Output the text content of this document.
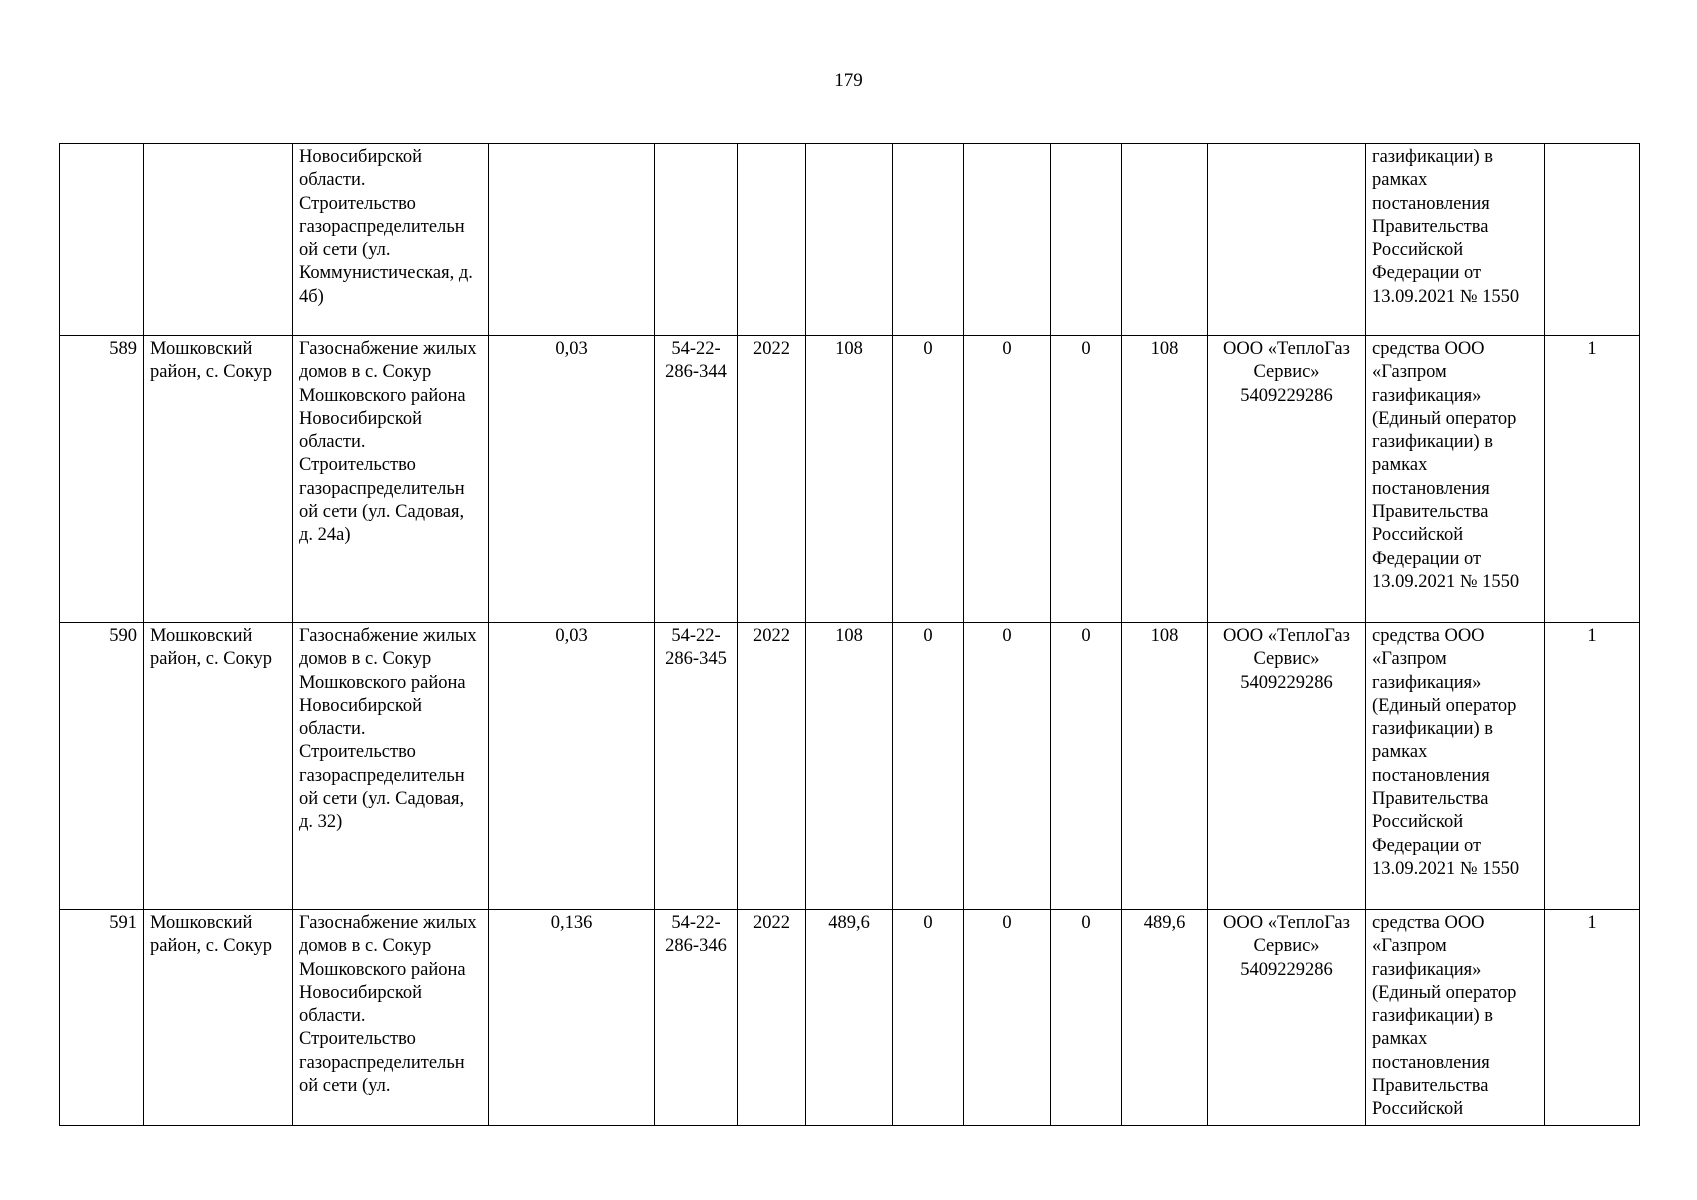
179
		Новосибирской области. Строительство газораспределительн ой сети (ул. Коммунистическая, д. 4б)										газификации) в рамках постановления Правительства Российской Федерации от 13.09.2021 № 1550	
589	Мошковский район, с. Сокур	Газоснабжение жилых домов в с. Сокур Мошковского района Новосибирской области. Строительство газораспределительн ой сети (ул. Садовая, д. 24а)	0,03	54-22- 286-344	2022	108	0	0	0	108	ООО «ТеплоГаз Сервис» 5409229286	средства ООО «Газпром газификация» (Единый оператор газификации) в рамках постановления Правительства Российской Федерации от 13.09.2021 № 1550	1
590	Мошковский район, с. Сокур	Газоснабжение жилых домов в с. Сокур Мошковского района Новосибирской области. Строительство газораспределительн ой сети (ул. Садовая, д. 32)	0,03	54-22- 286-345	2022	108	0	0	0	108	ООО «ТеплоГаз Сервис» 5409229286	средства ООО «Газпром газификация» (Единый оператор газификации) в рамках постановления Правительства Российской Федерации от 13.09.2021 № 1550	1
591	Мошковский район, с. Сокур	Газоснабжение жилых домов в с. Сокур Мошковского района Новосибирской области. Строительство газораспределительн ой сети (ул.	0,136	54-22- 286-346	2022	489,6	0	0	0	489,6	ООО «ТеплоГаз Сервис» 5409229286	средства ООО «Газпром газификация» (Единый оператор газификации) в рамках постановления Правительства Российской	1
